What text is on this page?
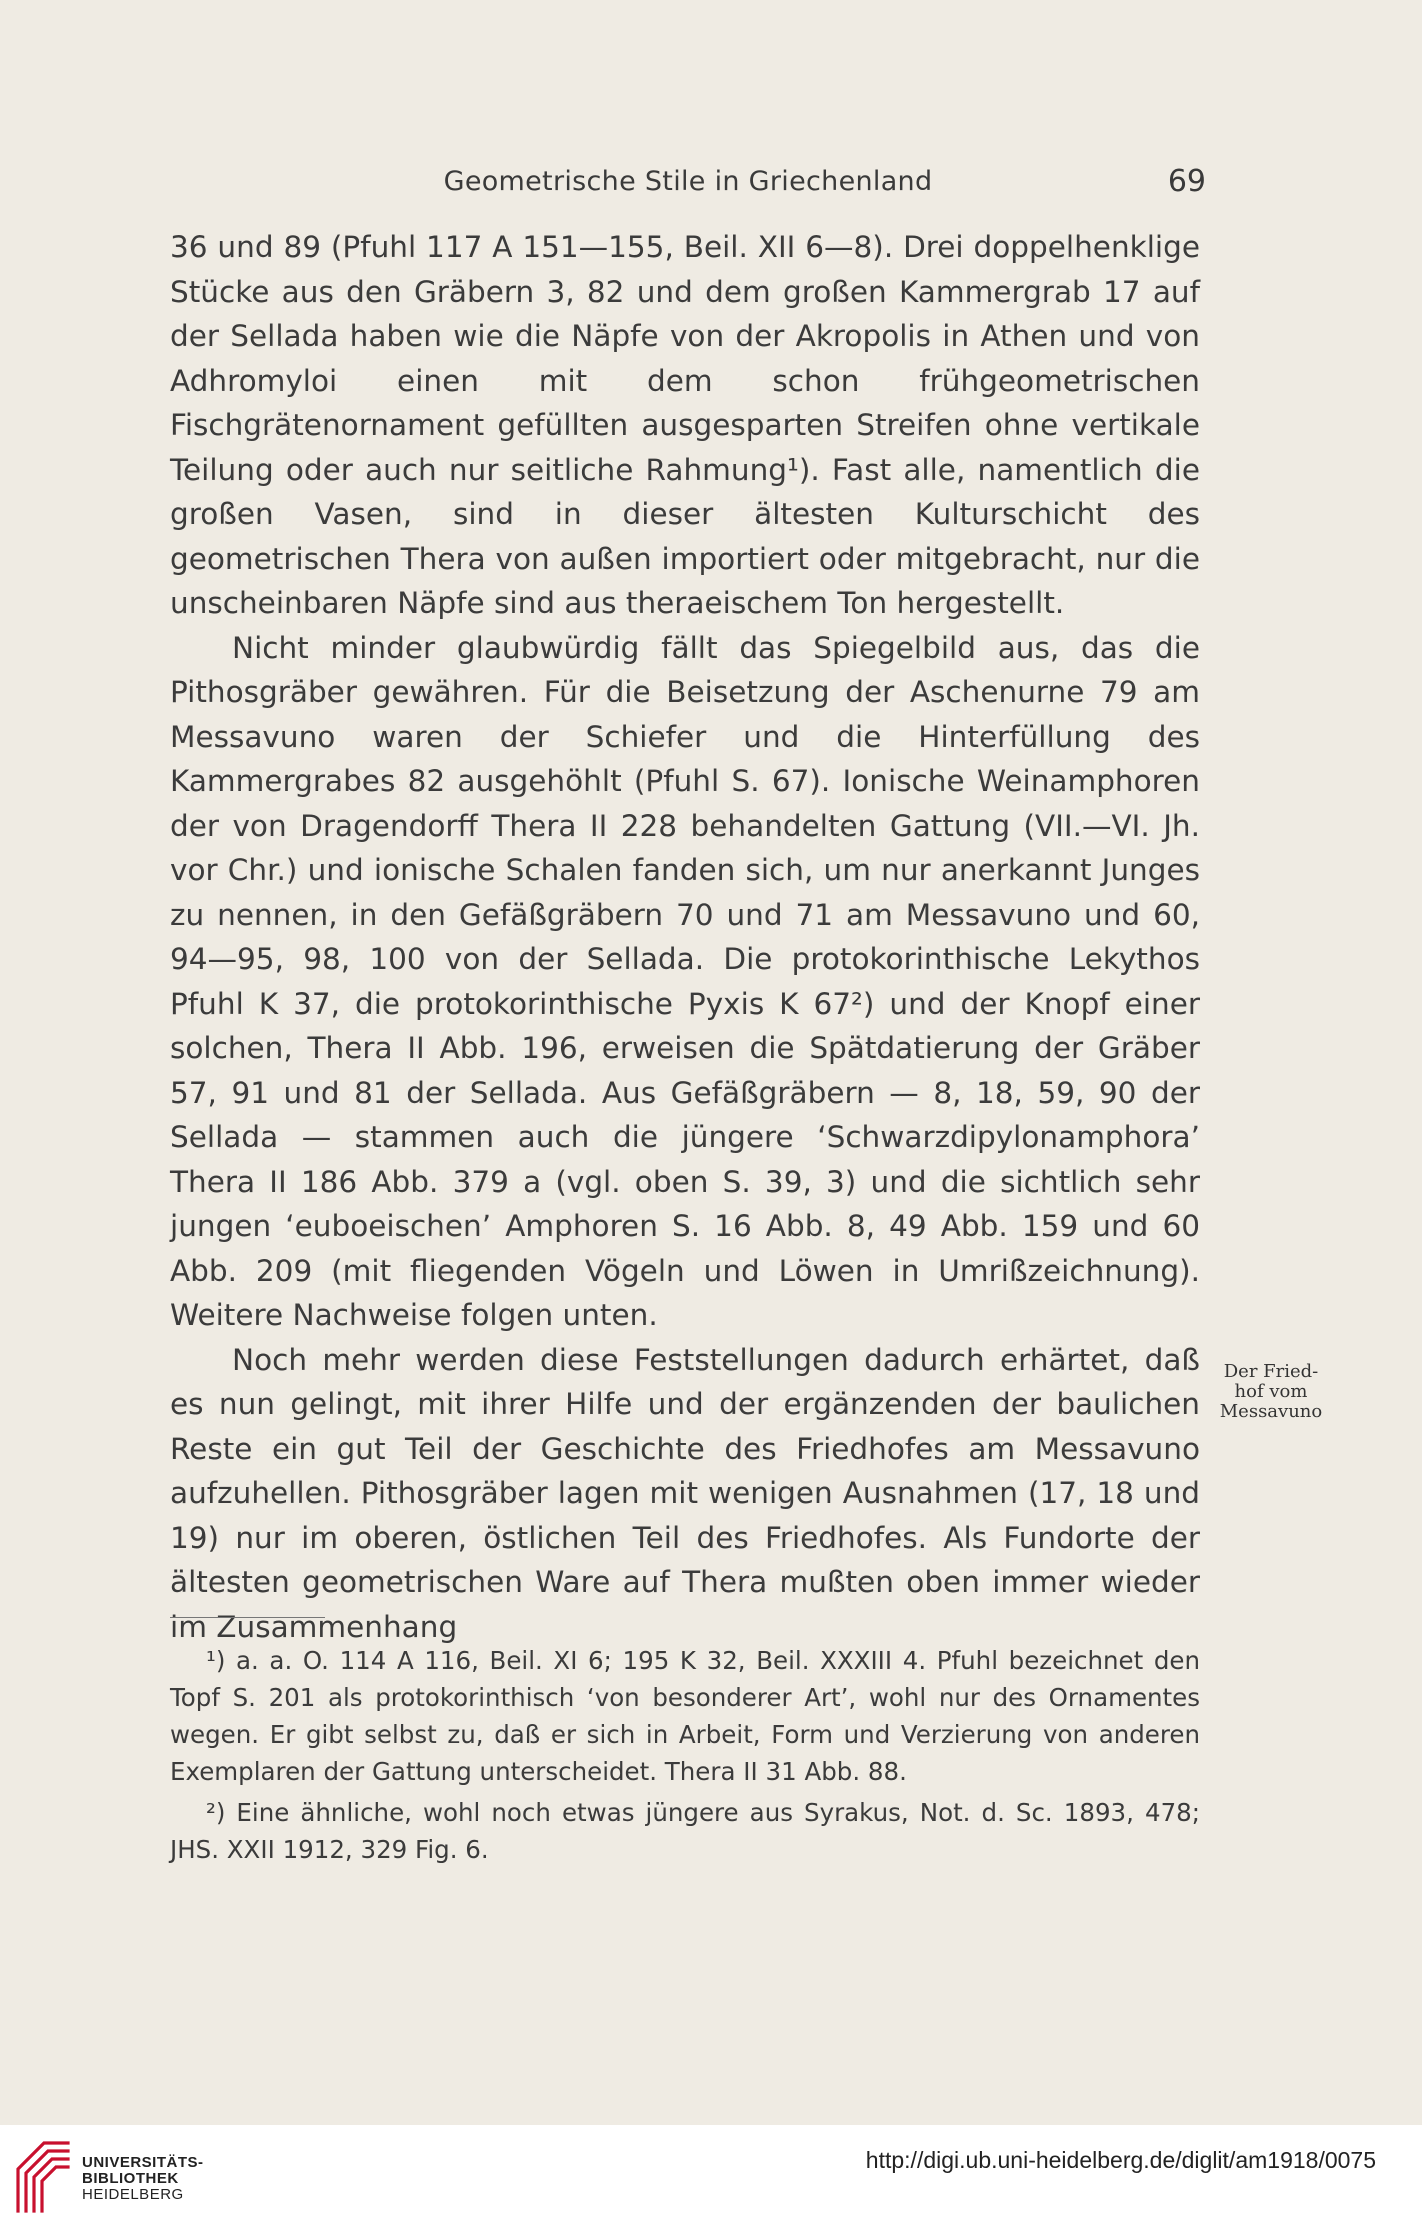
Geometrische Stile in Griechenland	69

36 und 89 (Pfuhl 117 A 151—155, Beil. XII 6—8). Drei doppelhenklige Stücke aus den Gräbern 3, 82 und dem großen Kammergrab 17 auf der Sellada haben wie die Näpfe von der Akropolis in Athen und von Adhromyloi einen mit dem schon frühgeometrischen Fischgrätenornament gefüllten ausgesparten Streifen ohne vertikale Teilung oder auch nur seitliche Rahmung¹). Fast alle, namentlich die großen Vasen, sind in dieser ältesten Kulturschicht des geometrischen Thera von außen importiert oder mitgebracht, nur die unscheinbaren Näpfe sind aus theraeischem Ton hergestellt.

Nicht minder glaubwürdig fällt das Spiegelbild aus, das die Pithosgräber gewähren. Für die Beisetzung der Aschenurne 79 am Messavuno waren der Schiefer und die Hinterfüllung des Kammergrabes 82 ausgehöhlt (Pfuhl S. 67). Ionische Weinamphoren der von Dragendorff Thera II 228 behandelten Gattung (VII.—VI. Jh. vor Chr.) und ionische Schalen fanden sich, um nur anerkannt Junges zu nennen, in den Gefäßgräbern 70 und 71 am Messavuno und 60, 94—95, 98, 100 von der Sellada. Die protokorinthische Lekythos Pfuhl K 37, die protokorinthische Pyxis K 67²) und der Knopf einer solchen, Thera II Abb. 196, erweisen die Spätdatierung der Gräber 57, 91 und 81 der Sellada. Aus Gefäßgräbern — 8, 18, 59, 90 der Sellada — stammen auch die jüngere ‘Schwarzdipylonamphora’ Thera II 186 Abb. 379 a (vgl. oben S. 39, 3) und die sichtlich sehr jungen ‘euboeischen’ Amphoren S. 16 Abb. 8, 49 Abb. 159 und 60 Abb. 209 (mit fliegenden Vögeln und Löwen in Umrißzeichnung). Weitere Nachweise folgen unten.

Noch mehr werden diese Feststellungen dadurch erhärtet, daß es nun gelingt, mit ihrer Hilfe und der ergänzenden der baulichen Reste ein gut Teil der Geschichte des Friedhofes am Messavuno aufzuhellen. Pithosgräber lagen mit wenigen Ausnahmen (17, 18 und 19) nur im oberen, östlichen Teil des Friedhofes. Als Fundorte der ältesten geometrischen Ware auf Thera mußten oben immer wieder im Zusammenhang

Der Fried-
hof vom
Messavuno

¹) a. a. O. 114 A 116, Beil. XI 6; 195 K 32, Beil. XXXIII 4. Pfuhl bezeichnet den Topf S. 201 als protokorinthisch ‘von besonderer Art’, wohl nur des Ornamentes wegen. Er gibt selbst zu, daß er sich in Arbeit, Form und Verzierung von anderen Exemplaren der Gattung unterscheidet. Thera II 31 Abb. 88.

²) Eine ähnliche, wohl noch etwas jüngere aus Syrakus, Not. d. Sc. 1893, 478; JHS. XXII 1912, 329 Fig. 6.

UNIVERSITÄTS-
BIBLIOTHEK
HEIDELBERG
http://digi.ub.uni-heidelberg.de/diglit/am1918/0075
